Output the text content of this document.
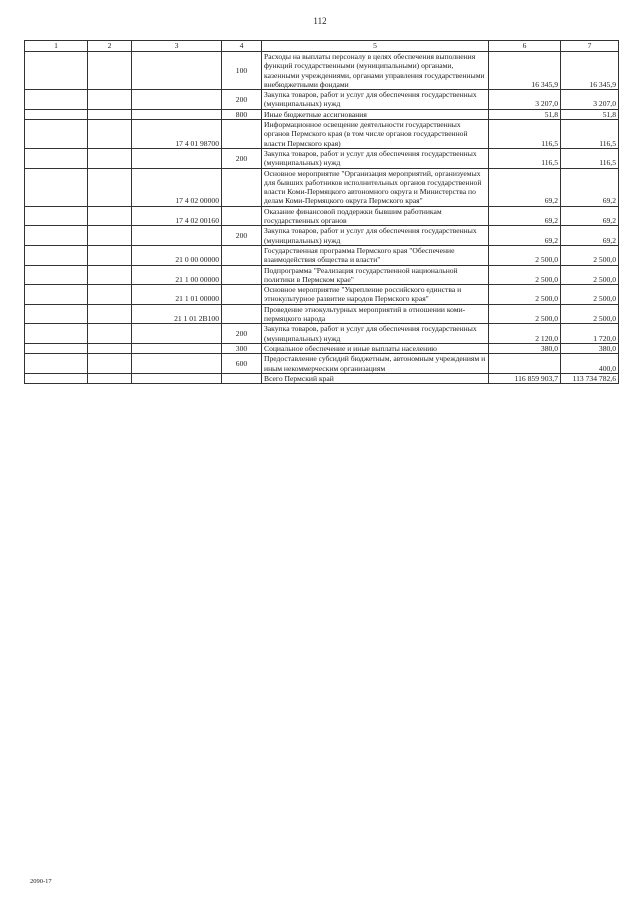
112
1	2	3	4	5	6	7
			100	Расходы на выплаты персоналу в целях обеспечения выполнения функций государственными (муниципальными) органами, казенными учреждениями, органами управления государственными внебюджетными фондами	16 345,9	16 345,9
			200	Закупка товаров, работ и услуг для обеспечения государственных (муниципальных) нужд	3 207,0	3 207,0
			800	Иные бюджетные ассигнования	51,8	51,8
		17 4 01 98700		Информационное освещение деятельности государственных органов Пермского края (в том числе органов государственной власти Пермского края)	116,5	116,5
			200	Закупка товаров, работ и услуг для обеспечения государственных (муниципальных) нужд	116,5	116,5
		17 4 02 00000		Основное мероприятие "Организация мероприятий, организуемых для бывших работников исполнительных органов государственной власти Коми-Пермяцкого автономного округа и Министерства по делам Коми-Пермяцкого округа Пермского края"	69,2	69,2
		17 4 02 00160		Оказание финансовой поддержки бывшим работникам государственных органов	69,2	69,2
			200	Закупка товаров, работ и услуг для обеспечения государственных (муниципальных) нужд	69,2	69,2
		21 0 00 00000		Государственная программа Пермского края "Обеспечение взаимодействия общества и власти"	2 500,0	2 500,0
		21 1 00 00000		Подпрограмма "Реализация государственной национальной политики в Пермском крае"	2 500,0	2 500,0
		21 1 01 00000		Основное мероприятие "Укрепление российского единства и этнокультурное развитие народов Пермского края"	2 500,0	2 500,0
		21 1 01 2В100		Проведение этнокультурных мероприятий в отношении коми-пермяцкого народа	2 500,0	2 500,0
			200	Закупка товаров, работ и услуг для обеспечения государственных (муниципальных) нужд	2 120,0	1 720,0
			300	Социальное обеспечение и иные выплаты населению	380,0	380,0
			600	Предоставление субсидий бюджетным, автономным учреждениям и иным некоммерческим организациям		400,0
				Всего Пермский край	116 859 903,7	113 734 782,6
2090-17
